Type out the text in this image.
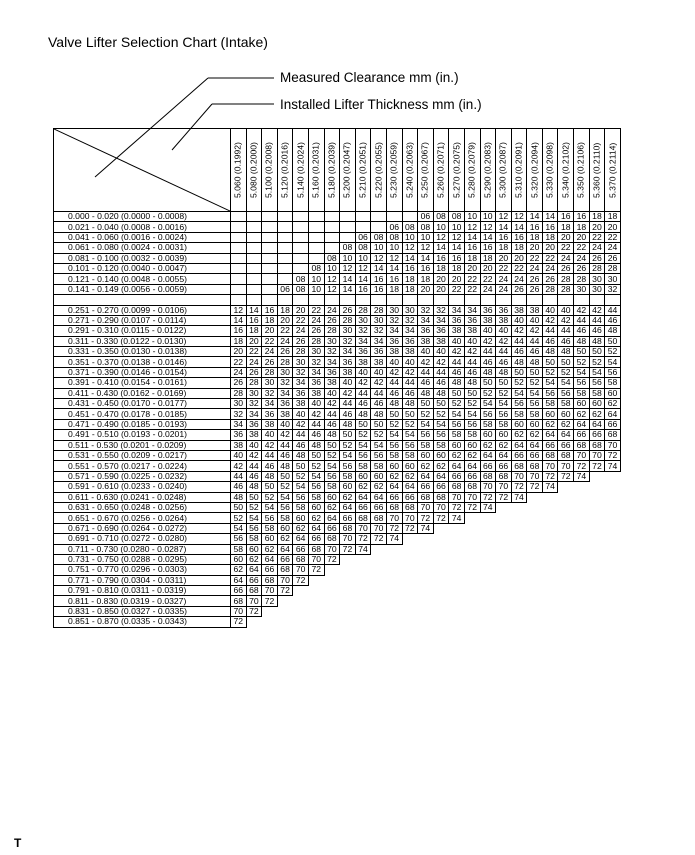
Valve Lifter Selection Chart (Intake)
Measured Clearance mm (in.)
Installed Lifter Thickness mm (in.)

5.060 (0.1992)	5.080 (0.2000)	5.100 (0.2008)	5.120 (0.2016)	5.140 (0.2024)	5.160 (0.2031)	5.180 (0.2039)	5.200 (0.2047)	5.210 (0.2051)	5.220 (0.2055)	5.230 (0.2059)	5.240 (0.2063)	5.250 (0.2067)	5.260 (0.2071)	5.270 (0.2075)	5.280 (0.2079)	5.290 (0.2083)	5.300 (0.2087)	5.310 (0.2091)	5.320 (0.2094)	5.330 (0.2098)	5.340 (0.2102)	5.350 (0.2106)	5.360 (0.2110)	5.370 (0.2114)

0.000 - 0.020 (0.0000 - 0.0008)													06	08	08	10	10	12	12	14	14	16	16	18	18
0.021 - 0.040 (0.0008 - 0.0016)											06	08	08	10	10	12	12	14	14	16	16	18	18	20	20
0.041 - 0.060 (0.0016 - 0.0024)									06	08	08	10	10	12	12	14	14	16	16	18	18	20	20	22	22
0.061 - 0.080 (0.0024 - 0.0031)								08	08	10	10	12	12	14	14	16	16	18	18	20	20	22	22	24	24
0.081 - 0.100 (0.0032 - 0.0039)							08	10	10	12	12	14	14	16	16	18	18	20	20	22	22	24	24	26	26
0.101 - 0.120 (0.0040 - 0.0047)						08	10	12	12	14	14	16	16	18	18	20	20	22	22	24	24	26	26	28	28
0.121 - 0.140 (0.0048 - 0.0055)					08	10	12	14	14	16	16	18	18	20	20	22	22	24	24	26	26	28	28	30	30
0.141 - 0.149 (0.0056 - 0.0059)				06	08	10	12	14	16	16	18	18	20	20	22	22	24	24	26	26	28	28	30	30	32

0.251 - 0.270 (0.0099 - 0.0106)	12	14	16	18	20	22	24	26	28	28	30	30	32	32	34	34	36	36	38	38	40	40	42	42	44
0.271 - 0.290 (0.0107 - 0.0114)	14	16	18	20	22	24	26	28	30	30	32	32	34	34	36	36	38	38	40	40	42	42	44	44	46
0.291 - 0.310 (0.0115 - 0.0122)	16	18	20	22	24	26	28	30	32	32	34	34	36	36	38	38	40	40	42	42	44	44	46	46	48
0.311 - 0.330 (0.0122 - 0.0130)	18	20	22	24	26	28	30	32	34	34	36	36	38	38	40	40	42	42	44	44	46	46	48	48	50
0.331 - 0.350 (0.0130 - 0.0138)	20	22	24	26	28	30	32	34	36	36	38	38	40	40	42	42	44	44	46	46	48	48	50	50	52
0.351 - 0.370 (0.0138 - 0.0146)	22	24	26	28	30	32	34	36	38	38	40	40	42	42	44	44	46	46	48	48	50	50	52	52	54
0.371 - 0.390 (0.0146 - 0.0154)	24	26	28	30	32	34	36	38	40	40	42	42	44	44	46	46	48	48	50	50	52	52	54	54	56
0.391 - 0.410 (0.0154 - 0.0161)	26	28	30	32	34	36	38	40	42	42	44	44	46	46	48	48	50	50	52	52	54	54	56	56	58
0.411 - 0.430 (0.0162 - 0.0169)	28	30	32	34	36	38	40	42	44	44	46	46	48	48	50	50	52	52	54	54	56	56	58	58	60
0.431 - 0.450 (0.0170 - 0.0177)	30	32	34	36	38	40	42	44	46	46	48	48	50	50	52	52	54	54	56	56	58	58	60	60	62
0.451 - 0.470 (0.0178 - 0.0185)	32	34	36	38	40	42	44	46	48	48	50	50	52	52	54	54	56	56	58	58	60	60	62	62	64
0.471 - 0.490 (0.0185 - 0.0193)	34	36	38	40	42	44	46	48	50	50	52	52	54	54	56	56	58	58	60	60	62	62	64	64	66
0.491 - 0.510 (0.0193 - 0.0201)	36	38	40	42	44	46	48	50	52	52	54	54	56	56	58	58	60	60	62	62	64	64	66	66	68
0.511 - 0.530 (0.0201 - 0.0209)	38	40	42	44	46	48	50	52	54	54	56	56	58	58	60	60	62	62	64	64	66	66	68	68	70
0.531 - 0.550 (0.0209 - 0.0217)	40	42	44	46	48	50	52	54	56	56	58	58	60	60	62	62	64	64	66	66	68	68	70	70	72
0.551 - 0.570 (0.0217 - 0.0224)	42	44	46	48	50	52	54	56	58	58	60	60	62	62	64	64	66	66	68	68	70	70	72	72	74
0.571 - 0.590 (0.0225 - 0.0232)	44	46	48	50	52	54	56	58	60	60	62	62	64	64	66	66	68	68	70	70	72	72	74		
0.591 - 0.610 (0.0233 - 0.0240)	46	48	50	52	54	56	58	60	62	62	64	64	66	66	68	68	70	70	72	72	74				
0.611 - 0.630 (0.0241 - 0.0248)	48	50	52	54	56	58	60	62	64	64	66	66	68	68	70	70	72	72	74						
0.631 - 0.650 (0.0248 - 0.0256)	50	52	54	56	58	60	62	64	66	66	68	68	70	70	72	72	74								
0.651 - 0.670 (0.0256 - 0.0264)	52	54	56	58	60	62	64	66	68	68	70	70	72	72	74										
0.671 - 0.690 (0.0264 - 0.0272)	54	56	58	60	62	64	66	68	70	70	72	72	74												
0.691 - 0.710 (0.0272 - 0.0280)	56	58	60	62	64	66	68	70	72	72	74														
0.711 - 0.730 (0.0280 - 0.0287)	58	60	62	64	66	68	70	72	74																
0.731 - 0.750 (0.0288 - 0.0295)	60	62	64	66	68	70	72																		
0.751 - 0.770 (0.0296 - 0.0303)	62	64	66	68	70	72																			
0.771 - 0.790 (0.0304 - 0.0311)	64	66	68	70	72																				
0.791 - 0.810 (0.0311 - 0.0319)	66	68	70	72																					
0.811 - 0.830 (0.0319 - 0.0327)	68	70	72																						
0.831 - 0.850 (0.0327 - 0.0335)	70	72																							
0.851 - 0.870 (0.0335 - 0.0343)	72																								
T
